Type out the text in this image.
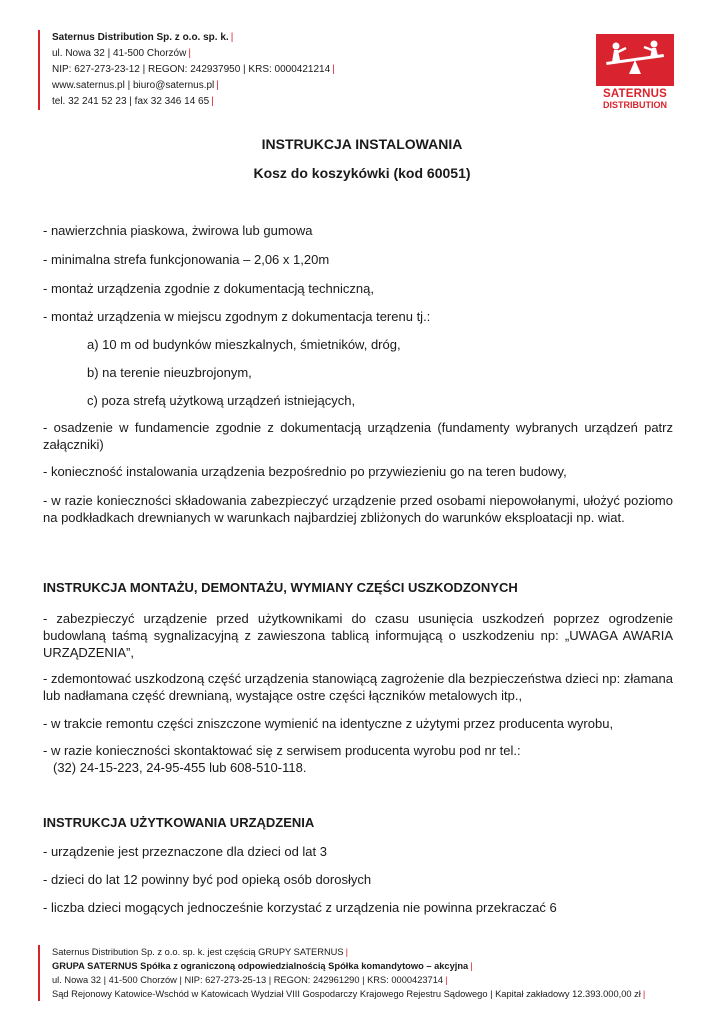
Saternus Distribution Sp. z o.o. sp. k. |
ul. Nowa 32 | 41-500 Chorzów |
NIP: 627-273-23-12 | REGON: 242937950 | KRS: 0000421214 |
www.saternus.pl | biuro@saternus.pl |
tel. 32 241 52 23 | fax 32 346 14 65 |
SATERNUS
DISTRIBUTION
INSTRUKCJA INSTALOWANIA
Kosz do koszykówki (kod 60051)
- nawierzchnia piaskowa, żwirowa lub gumowa
- minimalna strefa funkcjonowania – 2,06 x 1,20m
- montaż urządzenia zgodnie z dokumentacją techniczną,
- montaż urządzenia w miejscu zgodnym z dokumentacja terenu tj.:
a) 10 m od budynków mieszkalnych, śmietników, dróg,
b) na terenie nieuzbrojonym,
c) poza strefą użytkową urządzeń istniejących,
- osadzenie w fundamencie zgodnie z dokumentacją urządzenia (fundamenty wybranych urządzeń patrz załączniki)
- konieczność instalowania urządzenia bezpośrednio po przywiezieniu go na teren budowy,
- w razie konieczności składowania zabezpieczyć urządzenie przed osobami niepowołanymi, ułożyć poziomo na podkładkach drewnianych w warunkach najbardziej zbliżonych do warunków eksploatacji np. wiat.
INSTRUKCJA MONTAŻU, DEMONTAŻU, WYMIANY CZĘŚCI USZKODZONYCH
- zabezpieczyć urządzenie przed użytkownikami do czasu usunięcia uszkodzeń poprzez ogrodzenie budowlaną taśmą sygnalizacyjną z zawieszona tablicą informującą o uszkodzeniu np: „UWAGA AWARIA URZĄDZENIA”,
- zdemontować uszkodzoną część urządzenia stanowiącą zagrożenie dla bezpieczeństwa dzieci np: złamana lub nadłamana część drewnianą, wystające ostre części łączników metalowych itp.,
- w trakcie remontu części zniszczone wymienić na identyczne z użytymi przez producenta wyrobu,
- w razie konieczności skontaktować się z serwisem producenta wyrobu pod nr tel.:
(32) 24-15-223, 24-95-455 lub 608-510-118.
INSTRUKCJA UŻYTKOWANIA URZĄDZENIA
- urządzenie jest przeznaczone dla dzieci od lat 3
- dzieci do lat 12 powinny być pod opieką osób dorosłych
- liczba dzieci mogących jednocześnie korzystać z urządzenia nie powinna przekraczać 6
Saternus Distribution Sp. z o.o. sp. k. jest częścią GRUPY SATERNUS |
GRUPA SATERNUS Spółka z ograniczoną odpowiedzialnością Spółka komandytowo – akcyjna |
ul. Nowa 32 | 41-500 Chorzów | NIP: 627-273-25-13 | REGON: 242961290 | KRS: 0000423714 |
Sąd Rejonowy Katowice-Wschód w Katowicach Wydział VIII Gospodarczy Krajowego Rejestru Sądowego | Kapitał zakładowy 12.393.000,00 zł |
